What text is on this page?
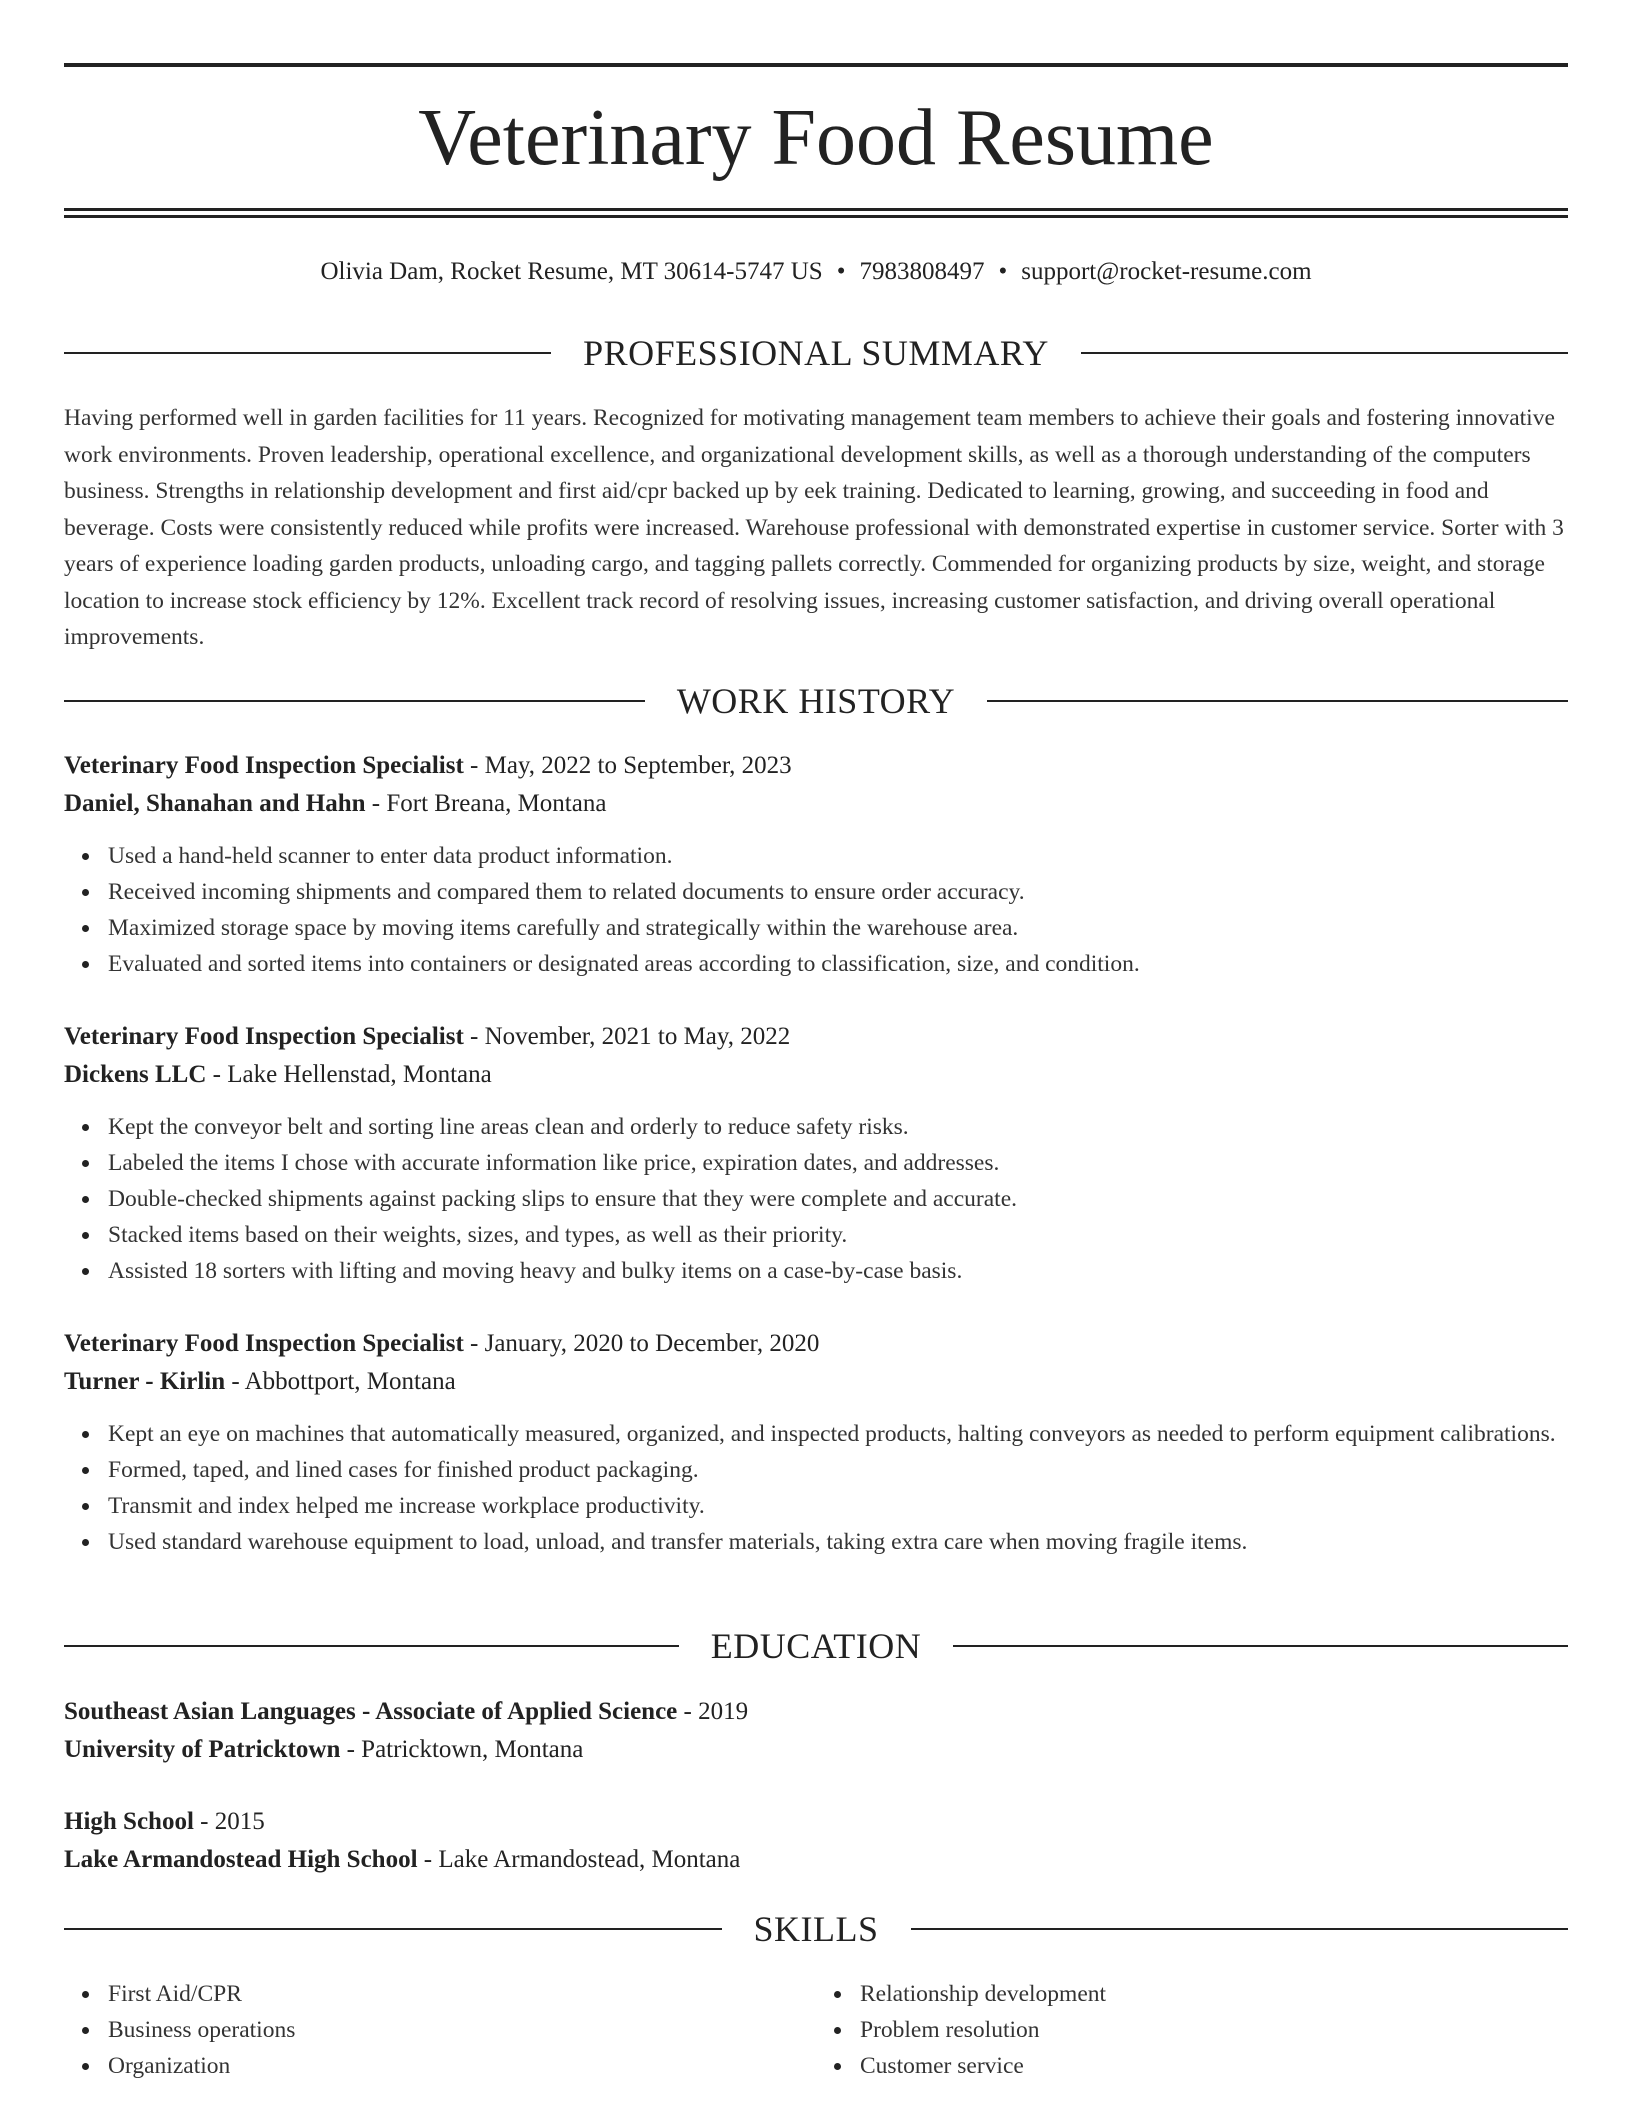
Veterinary Food Resume
Olivia Dam, Rocket Resume, MT 30614-5747 US • 7983808497 • support@rocket-resume.com
PROFESSIONAL SUMMARY

Having performed well in garden facilities for 11 years. Recognized for motivating management team members to achieve their goals and fostering innovative work environments. Proven leadership, operational excellence, and organizational development skills, as well as a thorough understanding of the computers business. Strengths in relationship development and first aid/cpr backed up by eek training. Dedicated to learning, growing, and succeeding in food and beverage. Costs were consistently reduced while profits were increased. Warehouse professional with demonstrated expertise in customer service. Sorter with 3 years of experience loading garden products, unloading cargo, and tagging pallets correctly. Commended for organizing products by size, weight, and storage location to increase stock efficiency by 12%. Excellent track record of resolving issues, increasing customer satisfaction, and driving overall operational improvements.

WORK HISTORY
Veterinary Food Inspection Specialist - May, 2022 to September, 2023
Daniel, Shanahan and Hahn - Fort Breana, Montana
Used a hand-held scanner to enter data product information.
Received incoming shipments and compared them to related documents to ensure order accuracy.
Maximized storage space by moving items carefully and strategically within the warehouse area.
Evaluated and sorted items into containers or designated areas according to classification, size, and condition.
Veterinary Food Inspection Specialist - November, 2021 to May, 2022
Dickens LLC - Lake Hellenstad, Montana
Kept the conveyor belt and sorting line areas clean and orderly to reduce safety risks.
Labeled the items I chose with accurate information like price, expiration dates, and addresses.
Double-checked shipments against packing slips to ensure that they were complete and accurate.
Stacked items based on their weights, sizes, and types, as well as their priority.
Assisted 18 sorters with lifting and moving heavy and bulky items on a case-by-case basis.
Veterinary Food Inspection Specialist - January, 2020 to December, 2020
Turner - Kirlin - Abbottport, Montana
Kept an eye on machines that automatically measured, organized, and inspected products, halting conveyors as needed to perform equipment calibrations.
Formed, taped, and lined cases for finished product packaging.
Transmit and index helped me increase workplace productivity.
Used standard warehouse equipment to load, unload, and transfer materials, taking extra care when moving fragile items.
EDUCATION
Southeast Asian Languages - Associate of Applied Science - 2019
University of Patricktown - Patricktown, Montana
High School - 2015
Lake Armandostead High School - Lake Armandostead, Montana
SKILLS
First Aid/CPR
Business operations
Organization
Relationship development
Problem resolution
Customer service
